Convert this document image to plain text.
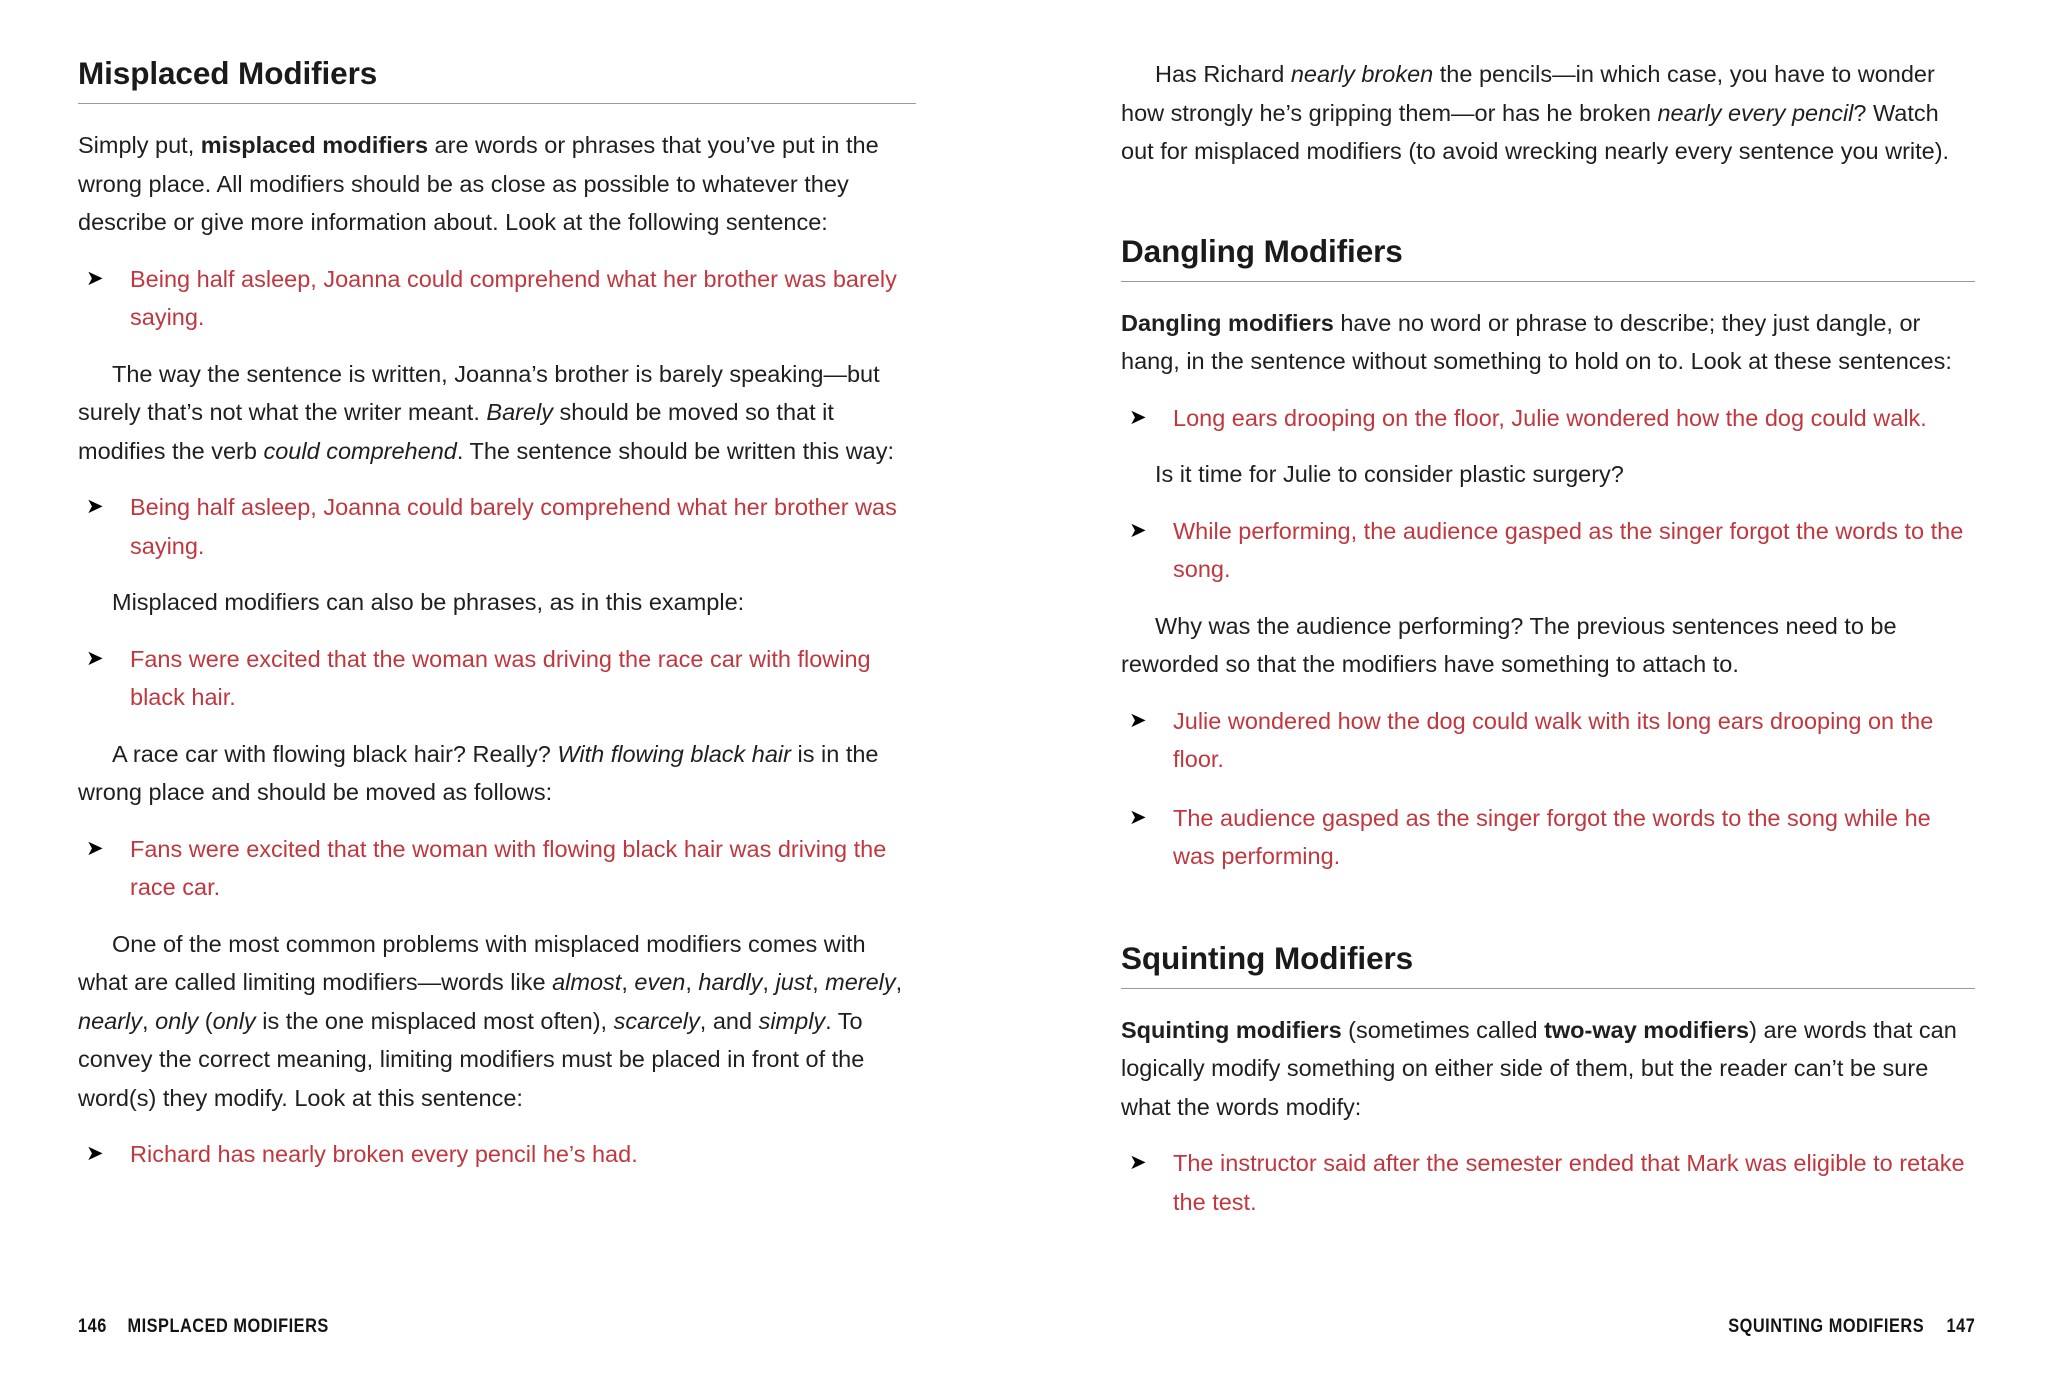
Misplaced Modifiers

Simply put, misplaced modifiers are words or phrases that you’ve put in the wrong place. All modifiers should be as close as possible to whatever they describe or give more information about. Look at the following sentence:

➤ Being half asleep, Joanna could comprehend what her brother was barely saying.

The way the sentence is written, Joanna’s brother is barely speaking—but surely that’s not what the writer meant. Barely should be moved so that it modifies the verb could comprehend. The sentence should be written this way:

➤ Being half asleep, Joanna could barely comprehend what her brother was saying.

Misplaced modifiers can also be phrases, as in this example:

➤ Fans were excited that the woman was driving the race car with flowing black hair.

A race car with flowing black hair? Really? With flowing black hair is in the wrong place and should be moved as follows:

➤ Fans were excited that the woman with flowing black hair was driving the race car.

One of the most common problems with misplaced modifiers comes with what are called limiting modifiers—words like almost, even, hardly, just, merely, nearly, only (only is the one misplaced most often), scarcely, and simply. To convey the correct meaning, limiting modifiers must be placed in front of the word(s) they modify. Look at this sentence:

➤ Richard has nearly broken every pencil he’s had.
146 MISPLACED MODIFIERS

Has Richard nearly broken the pencils—in which case, you have to wonder how strongly he’s gripping them—or has he broken nearly every pencil? Watch out for misplaced modifiers (to avoid wrecking nearly every sentence you write).

Dangling Modifiers

Dangling modifiers have no word or phrase to describe; they just dangle, or hang, in the sentence without something to hold on to. Look at these sentences:

➤ Long ears drooping on the floor, Julie wondered how the dog could walk.

Is it time for Julie to consider plastic surgery?

➤ While performing, the audience gasped as the singer forgot the words to the song.

Why was the audience performing? The previous sentences need to be reworded so that the modifiers have something to attach to.

➤ Julie wondered how the dog could walk with its long ears drooping on the floor.
➤ The audience gasped as the singer forgot the words to the song while he was performing.
Squinting Modifiers

Squinting modifiers (sometimes called two-way modifiers) are words that can logically modify something on either side of them, but the reader can’t be sure what the words modify:

➤ The instructor said after the semester ended that Mark was eligible to retake the test.
SQUINTING MODIFIERS 147
